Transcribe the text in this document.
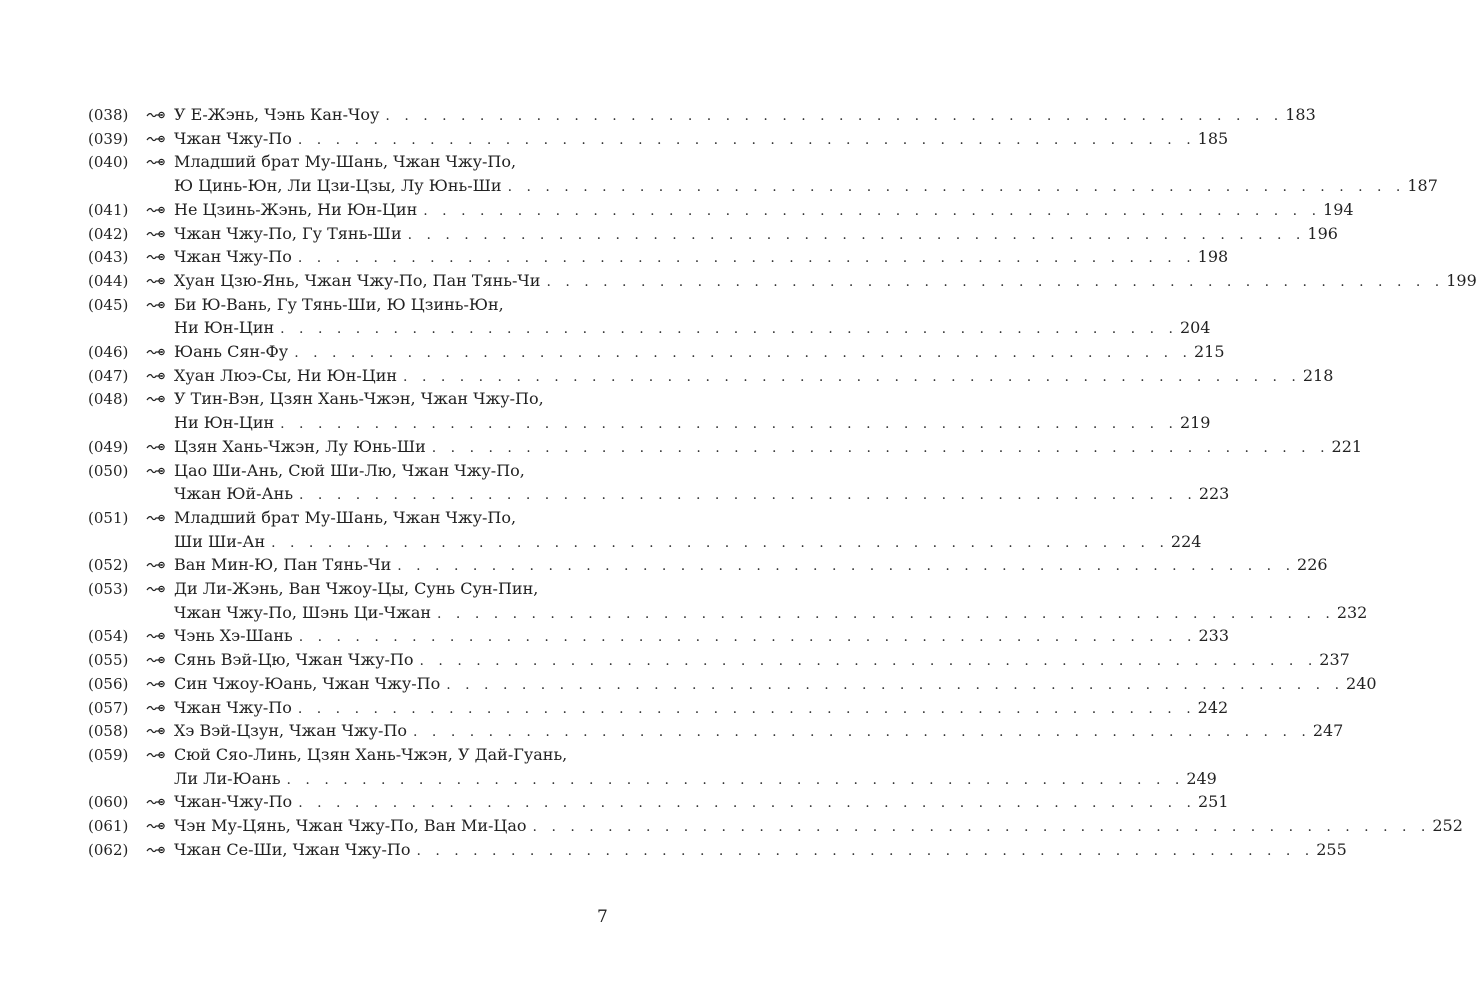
(038)	У Е-Жэнь, Чэнь Кан-Чоу . . . . . . . . . . . . . . . . . . . . . . . . . . . . . . . . . . . . . . . . . . . . . . . . 183
(039)	Чжан Чжу-По . . . . . . . . . . . . . . . . . . . . . . . . . . . . . . . . . . . . . . . . . . . . . . . . 185
(040)	Младший брат Му-Шань, Чжан Чжу-По,
Ю Цинь-Юн, Ли Цзи-Цзы, Лу Юнь-Ши . . . . . . . . . . . . . . . . . . . . . . . . . . . . . . . . . . . . . . . . . . . . . . . . 187
(041)	Не Цзинь-Жэнь, Ни Юн-Цин . . . . . . . . . . . . . . . . . . . . . . . . . . . . . . . . . . . . . . . . . . . . . . . . 194
(042)	Чжан Чжу-По, Гу Тянь-Ши . . . . . . . . . . . . . . . . . . . . . . . . . . . . . . . . . . . . . . . . . . . . . . . . 196
(043)	Чжан Чжу-По . . . . . . . . . . . . . . . . . . . . . . . . . . . . . . . . . . . . . . . . . . . . . . . . 198
(044)	Хуан Цзю-Янь, Чжан Чжу-По, Пан Тянь-Чи . . . . . . . . . . . . . . . . . . . . . . . . . . . . . . . . . . . . . . . . . . . . . . . . 199
(045)	Би Ю-Вань, Гу Тянь-Ши, Ю Цзинь-Юн,
Ни Юн-Цин . . . . . . . . . . . . . . . . . . . . . . . . . . . . . . . . . . . . . . . . . . . . . . . . 204
(046)	Юань Сян-Фу . . . . . . . . . . . . . . . . . . . . . . . . . . . . . . . . . . . . . . . . . . . . . . . . 215
(047)	Хуан Люэ-Сы, Ни Юн-Цин . . . . . . . . . . . . . . . . . . . . . . . . . . . . . . . . . . . . . . . . . . . . . . . . 218
(048)	У Тин-Вэн, Цзян Хань-Чжэн, Чжан Чжу-По,
Ни Юн-Цин . . . . . . . . . . . . . . . . . . . . . . . . . . . . . . . . . . . . . . . . . . . . . . . . 219
(049)	Цзян Хань-Чжэн, Лу Юнь-Ши . . . . . . . . . . . . . . . . . . . . . . . . . . . . . . . . . . . . . . . . . . . . . . . . 221
(050)	Цао Ши-Ань, Сюй Ши-Лю, Чжан Чжу-По,
Чжан Юй-Ань . . . . . . . . . . . . . . . . . . . . . . . . . . . . . . . . . . . . . . . . . . . . . . . . 223
(051)	Младший брат Му-Шань, Чжан Чжу-По,
Ши Ши-Ан . . . . . . . . . . . . . . . . . . . . . . . . . . . . . . . . . . . . . . . . . . . . . . . . 224
(052)	Ван Мин-Ю, Пан Тянь-Чи . . . . . . . . . . . . . . . . . . . . . . . . . . . . . . . . . . . . . . . . . . . . . . . . 226
(053)	Ди Ли-Жэнь, Ван Чжоу-Цы, Сунь Сун-Пин,
Чжан Чжу-По, Шэнь Ци-Чжан . . . . . . . . . . . . . . . . . . . . . . . . . . . . . . . . . . . . . . . . . . . . . . . . 232
(054)	Чэнь Хэ-Шань . . . . . . . . . . . . . . . . . . . . . . . . . . . . . . . . . . . . . . . . . . . . . . . . 233
(055)	Сянь Вэй-Цю, Чжан Чжу-По . . . . . . . . . . . . . . . . . . . . . . . . . . . . . . . . . . . . . . . . . . . . . . . . 237
(056)	Син Чжоу-Юань, Чжан Чжу-По . . . . . . . . . . . . . . . . . . . . . . . . . . . . . . . . . . . . . . . . . . . . . . . . 240
(057)	Чжан Чжу-По . . . . . . . . . . . . . . . . . . . . . . . . . . . . . . . . . . . . . . . . . . . . . . . . 242
(058)	Хэ Вэй-Цзун, Чжан Чжу-По . . . . . . . . . . . . . . . . . . . . . . . . . . . . . . . . . . . . . . . . . . . . . . . . 247
(059)	Сюй Сяо-Линь, Цзян Хань-Чжэн, У Дай-Гуань,
Ли Ли-Юань . . . . . . . . . . . . . . . . . . . . . . . . . . . . . . . . . . . . . . . . . . . . . . . . 249
(060)	Чжан-Чжу-По . . . . . . . . . . . . . . . . . . . . . . . . . . . . . . . . . . . . . . . . . . . . . . . . 251
(061)	Чэн Му-Цянь, Чжан Чжу-По, Ван Ми-Цао . . . . . . . . . . . . . . . . . . . . . . . . . . . . . . . . . . . . . . . . . . . . . . . . 252
(062)	Чжан Се-Ши, Чжан Чжу-По . . . . . . . . . . . . . . . . . . . . . . . . . . . . . . . . . . . . . . . . . . . . . . . . 255
7
